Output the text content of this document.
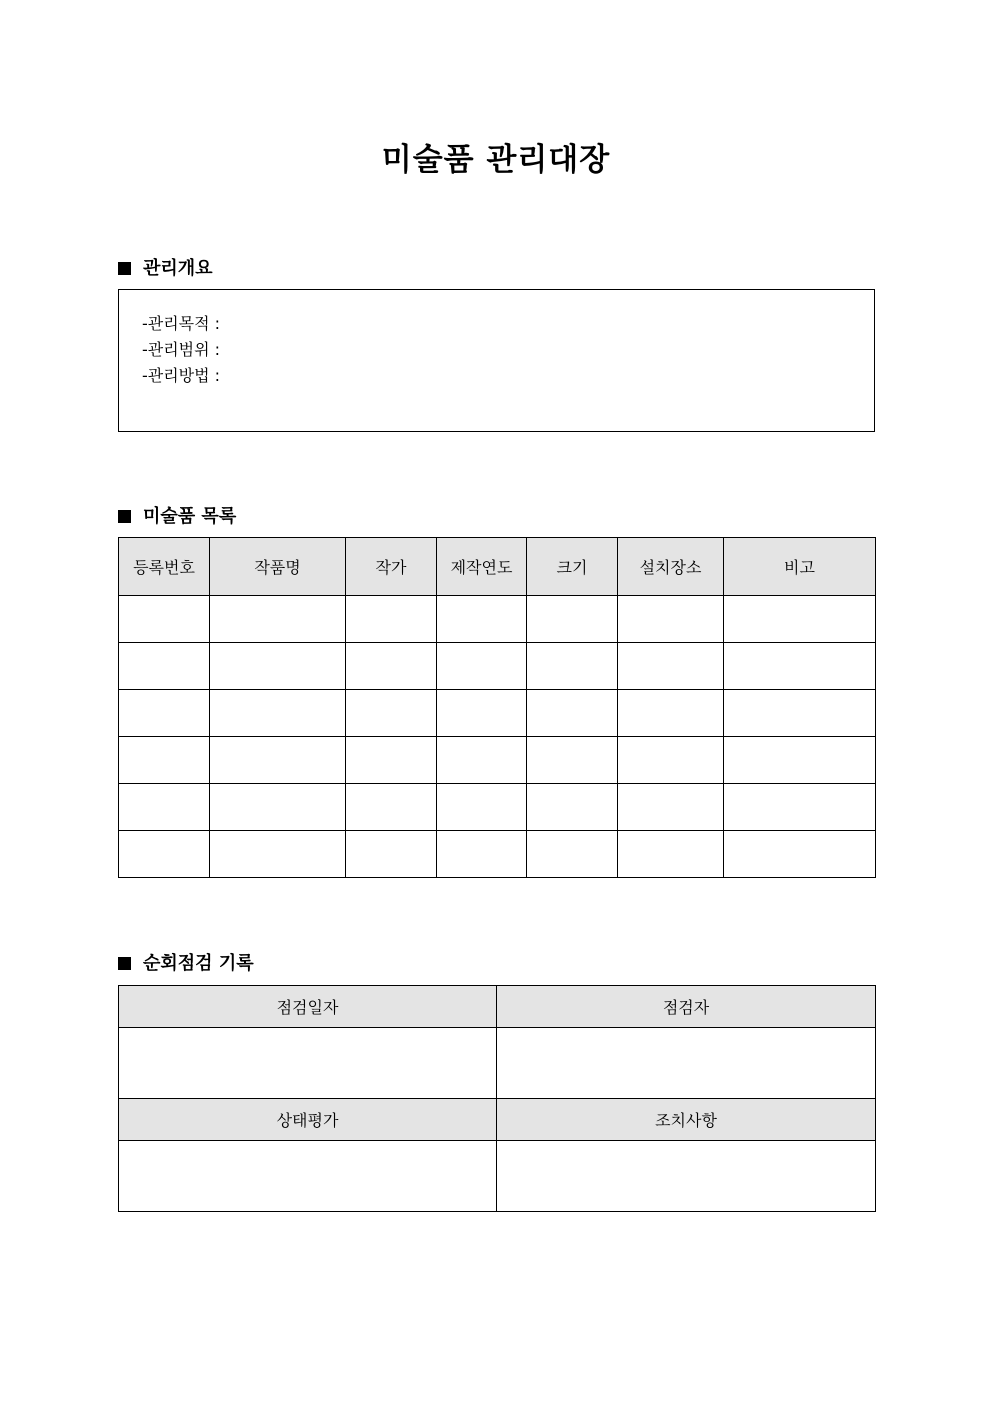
미술품 관리대장
관리개요
-관리목적 :
-관리범위 :
-관리방법 :
미술품 목록
등록번호	작품명	작가	제작연도	크기	설치장소	비고

순회점검 기록
점검일자	점검자

상태평가	조치사항
